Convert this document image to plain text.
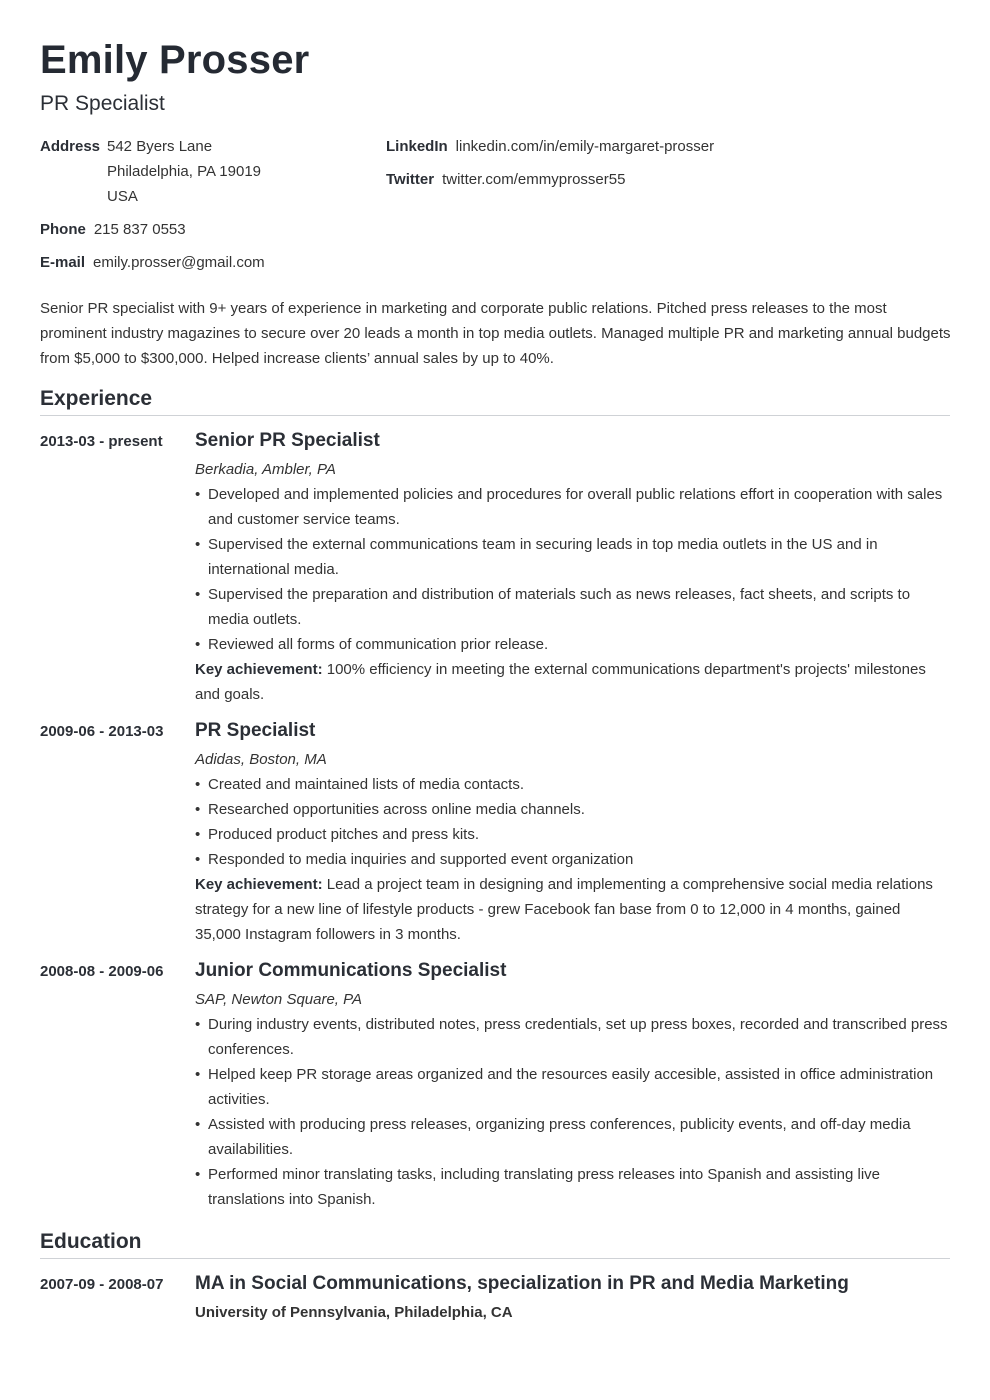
Emily Prosser
PR Specialist
Address 542 Byers Lane
Philadelphia, PA 19019
USA
Phone 215 837 0553
E-mail emily.prosser@gmail.com
LinkedIn linkedin.com/in/emily-margaret-prosser
Twitter twitter.com/emmyprosser55

Senior PR specialist with 9+ years of experience in marketing and corporate public relations. Pitched press releases to the most prominent industry magazines to secure over 20 leads a month in top media outlets. Managed multiple PR and marketing annual budgets from $5,000 to $300,000. Helped increase clients’ annual sales by up to 40%.

Experience
2013-03 - present Senior PR Specialist
Berkadia, Ambler, PA
• Developed and implemented policies and procedures for overall public relations effort in cooperation with sales and customer service teams.
• Supervised the external communications team in securing leads in top media outlets in the US and in international media.
• Supervised the preparation and distribution of materials such as news releases, fact sheets, and scripts to media outlets.
• Reviewed all forms of communication prior release.
Key achievement: 100% efficiency in meeting the external communications department's projects' milestones and goals.
2009-06 - 2013-03 PR Specialist
Adidas, Boston, MA
• Created and maintained lists of media contacts.
• Researched opportunities across online media channels.
• Produced product pitches and press kits.
• Responded to media inquiries and supported event organization
Key achievement: Lead a project team in designing and implementing a comprehensive social media relations strategy for a new line of lifestyle products - grew Facebook fan base from 0 to 12,000 in 4 months, gained 35,000 Instagram followers in 3 months.
2008-08 - 2009-06 Junior Communications Specialist
SAP, Newton Square, PA
• During industry events, distributed notes, press credentials, set up press boxes, recorded and transcribed press conferences.
• Helped keep PR storage areas organized and the resources easily accesible, assisted in office administration activities.
• Assisted with producing press releases, organizing press conferences, publicity events, and off-day media availabilities.
• Performed minor translating tasks, including translating press releases into Spanish and assisting live translations into Spanish.
Education
2007-09 - 2008-07 MA in Social Communications, specialization in PR and Media Marketing
University of Pennsylvania, Philadelphia, CA
